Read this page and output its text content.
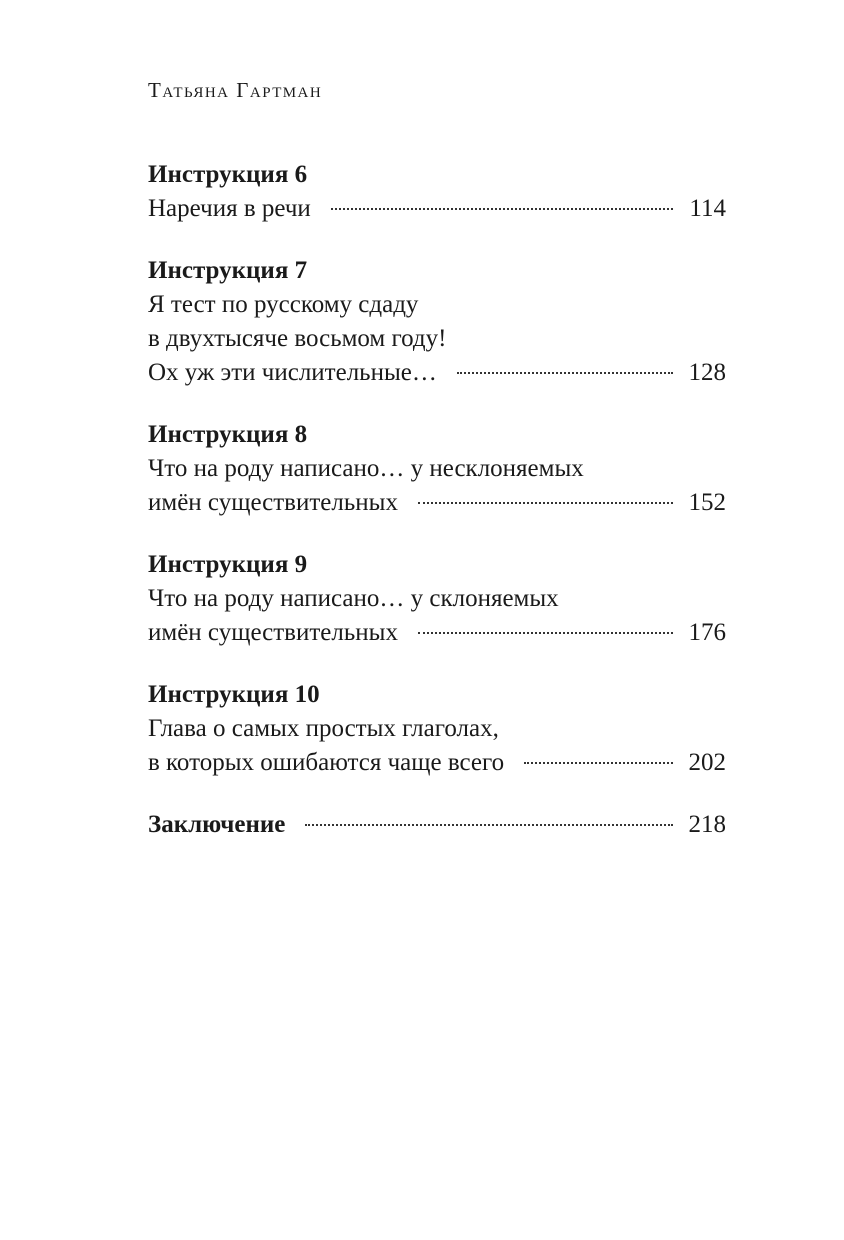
Татьяна Гартман
Инструкция 6
Наречия в речи	114
Инструкция 7
Я тест по русскому сдаду
в двухтысяче восьмом году!
Ох уж эти числительные…	128
Инструкция 8
Что на роду написано… у несклоняемых
имён существительных	152
Инструкция 9
Что на роду написано… у склоняемых
имён существительных	176
Инструкция 10
Глава о самых простых глаголах,
в которых ошибаются чаще всего	202
Заключение	218
